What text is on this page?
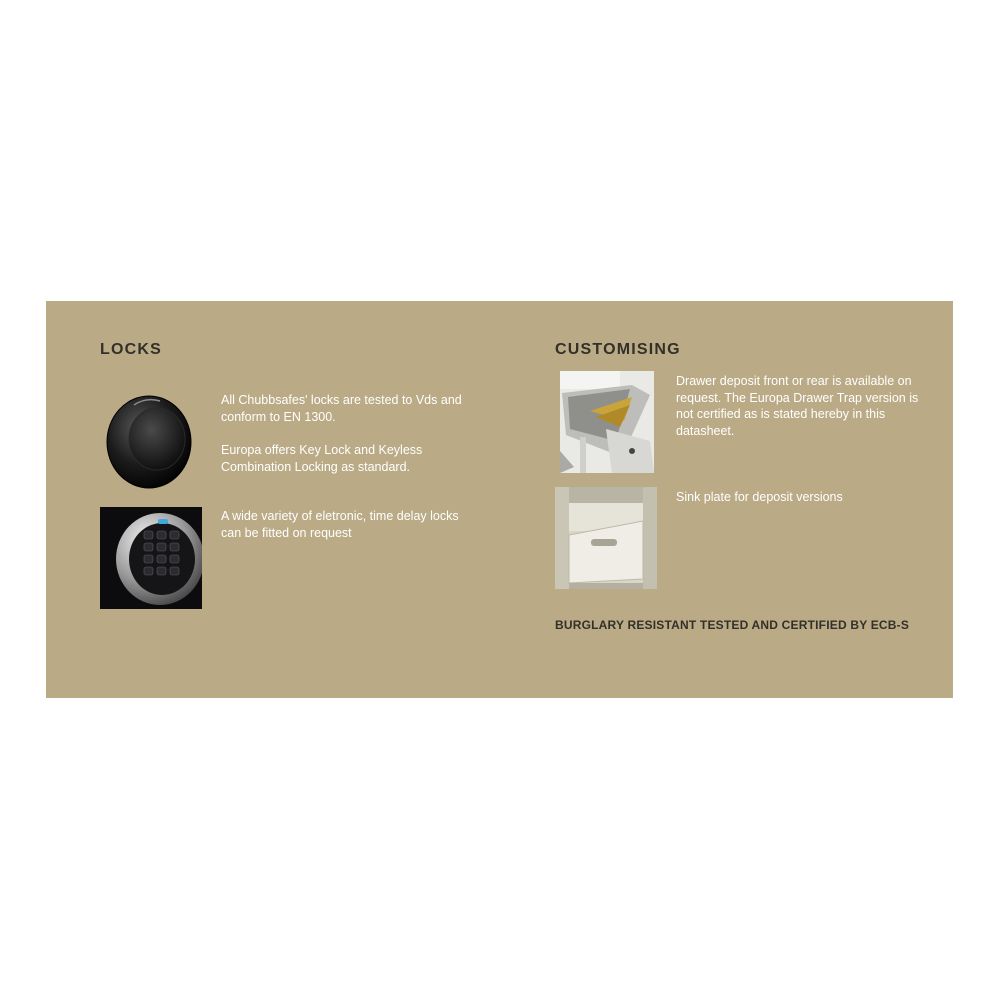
LOCKS

All Chubbsafes' locks are tested to Vds and conform to EN 1300.

Europa offers Key Lock and Keyless Combination Locking as standard.

A wide variety of eletronic, time delay locks can be fitted on request
CUSTOMISING
Drawer deposit front or rear is available on request. The Europa Drawer Trap version is not certified as is stated hereby in this datasheet.
Sink plate for deposit versions
BURGLARY RESISTANT TESTED AND CERTIFIED BY ECB-S
